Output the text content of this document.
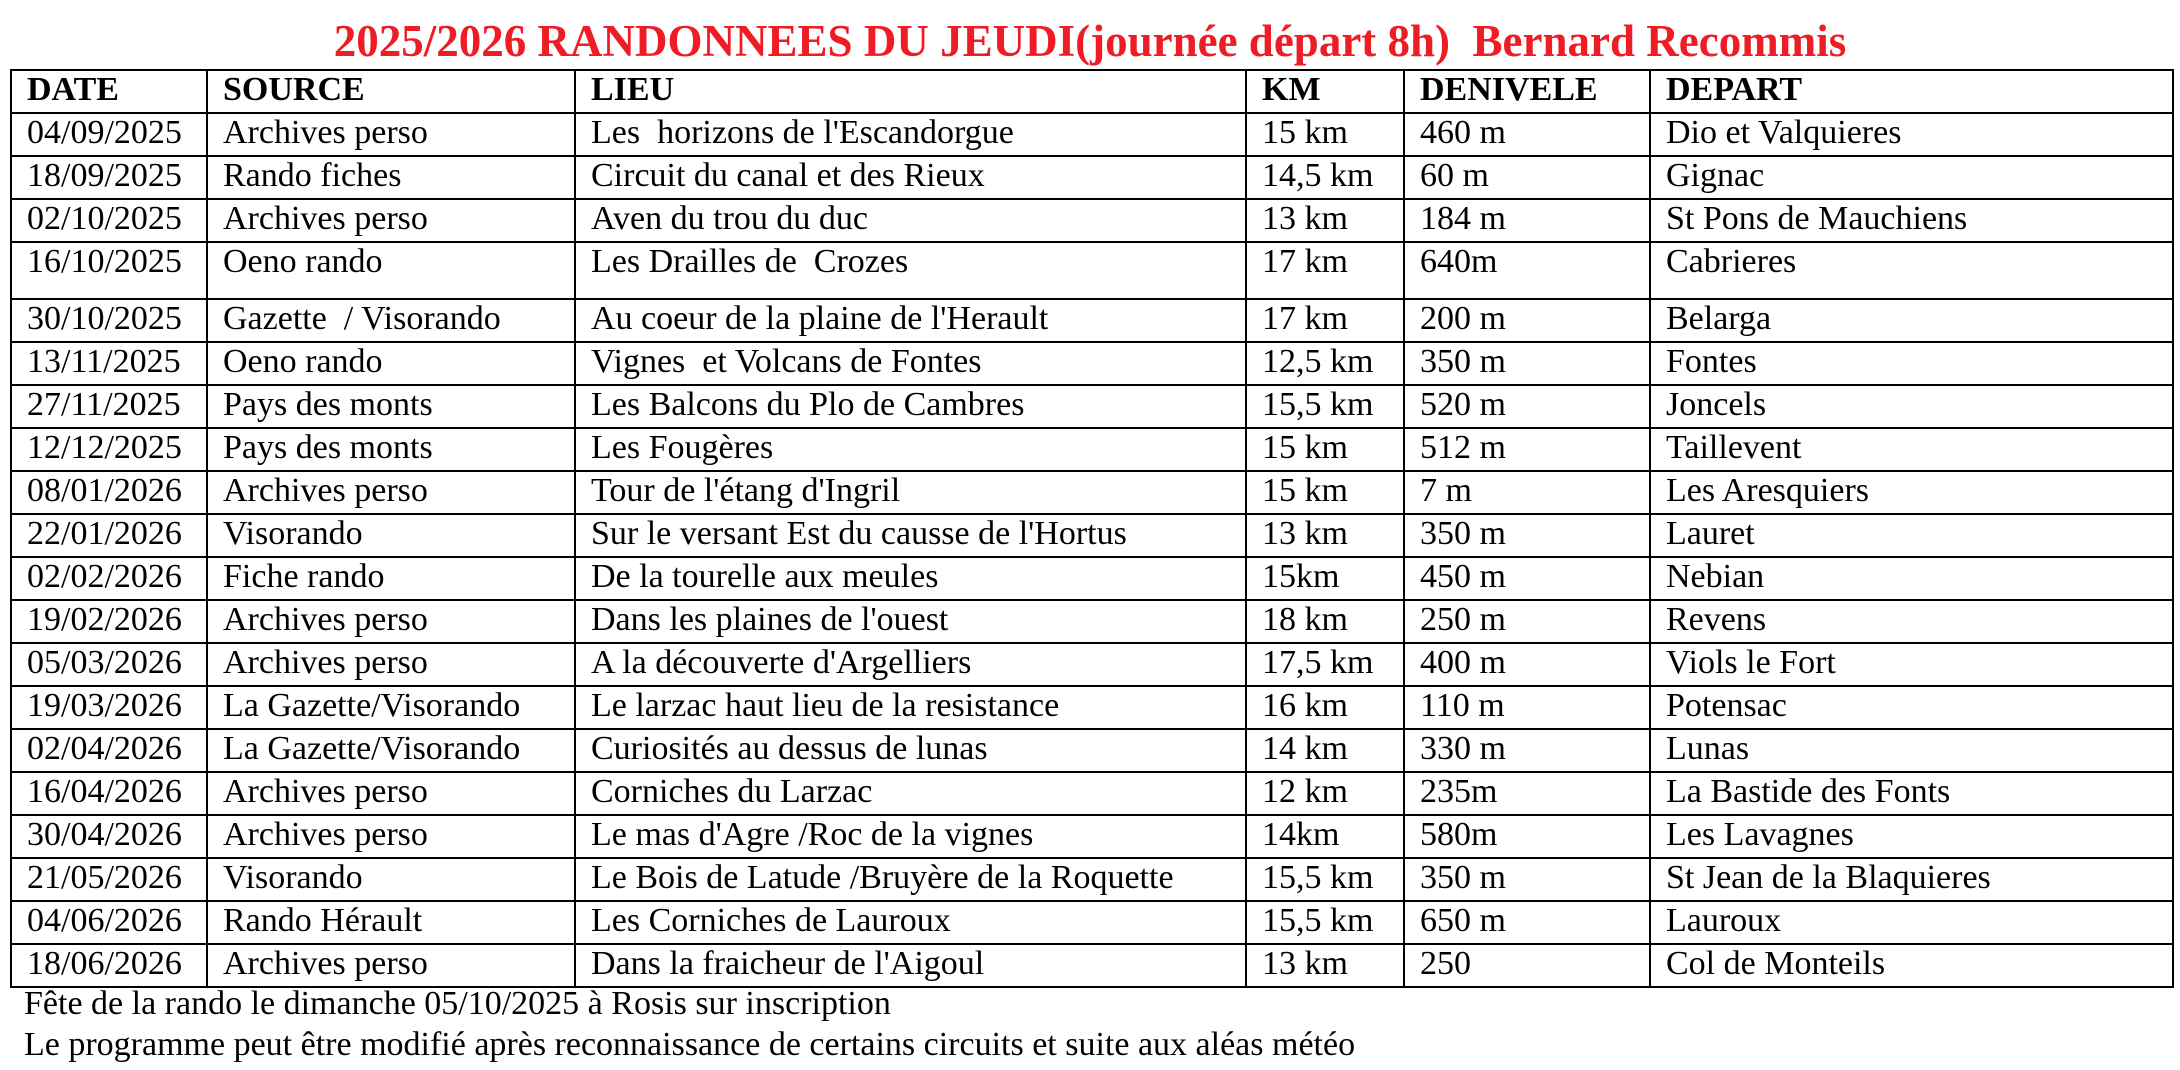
2025/2026 RANDONNEES DU JEUDI(journée départ 8h)  Bernard Recommis
DATE	SOURCE	LIEU	KM	DENIVELE	DEPART
04/09/2025	Archives perso	Les  horizons de l'Escandorgue	15 km	460 m	Dio et Valquieres
18/09/2025	Rando fiches	Circuit du canal et des Rieux	14,5 km	60 m	Gignac
02/10/2025	Archives perso	Aven du trou du duc	13 km	184 m	St Pons de Mauchiens
16/10/2025	Oeno rando	Les Drailles de  Crozes	17 km	640m	Cabrieres
30/10/2025	Gazette  / Visorando	Au coeur de la plaine de l'Herault	17 km	200 m	Belarga
13/11/2025	Oeno rando	Vignes  et Volcans de Fontes	12,5 km	350 m	Fontes
27/11/2025	Pays des monts	Les Balcons du Plo de Cambres	15,5 km	520 m	Joncels
12/12/2025	Pays des monts	Les Fougères	15 km	512 m	Taillevent
08/01/2026	Archives perso	Tour de l'étang d'Ingril	15 km	7 m	Les Aresquiers
22/01/2026	Visorando	Sur le versant Est du causse de l'Hortus	13 km	350 m	Lauret
02/02/2026	Fiche rando	De la tourelle aux meules	15km	450 m	Nebian
19/02/2026	Archives perso	Dans les plaines de l'ouest	18 km	250 m	Revens
05/03/2026	Archives perso	A la découverte d'Argelliers	17,5 km	400 m	Viols le Fort
19/03/2026	La Gazette/Visorando	Le larzac haut lieu de la resistance	16 km	110 m	Potensac
02/04/2026	La Gazette/Visorando	Curiosités au dessus de lunas	14 km	330 m	Lunas
16/04/2026	Archives perso	Corniches du Larzac	12 km	235m	La Bastide des Fonts
30/04/2026	Archives perso	Le mas d'Agre /Roc de la vignes	14km	580m	Les Lavagnes
21/05/2026	Visorando	Le Bois de Latude /Bruyère de la Roquette	15,5 km	350 m	St Jean de la Blaquieres
04/06/2026	Rando Hérault	Les Corniches de Lauroux	15,5 km	650 m	Lauroux
18/06/2026	Archives perso	Dans la fraicheur de l'Aigoul	13 km	250	Col de Monteils
Fête de la rando le dimanche 05/10/2025 à Rosis sur inscription
Le programme peut être modifié après reconnaissance de certains circuits et suite aux aléas météo
